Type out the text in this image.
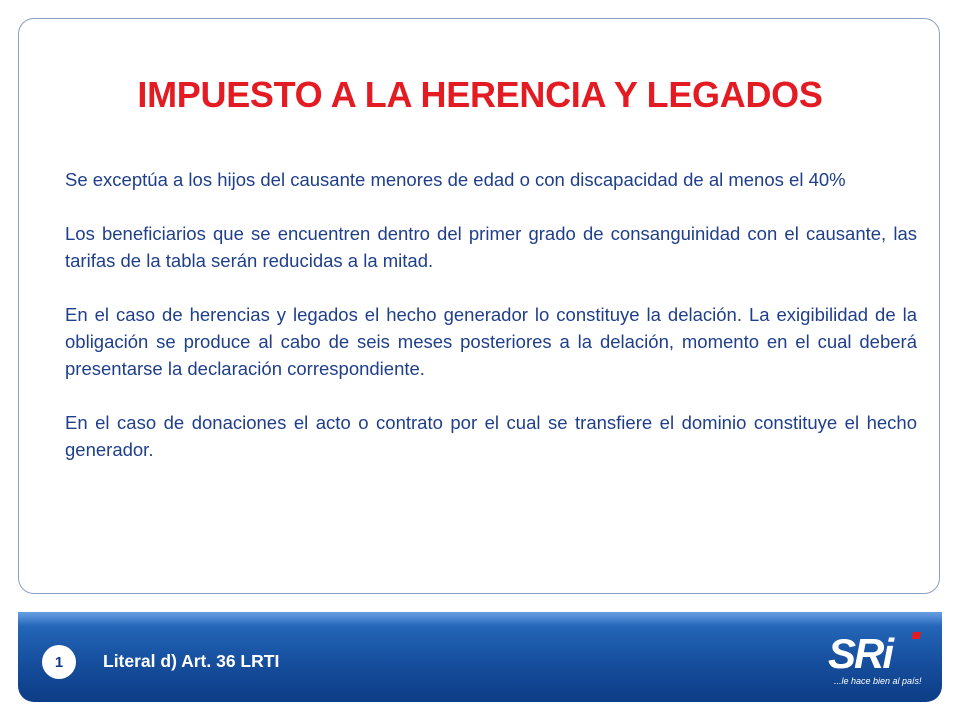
IMPUESTO A LA HERENCIA Y LEGADOS

Se exceptúa a los hijos del causante menores de edad o con discapacidad de al menos el 40%

Los beneficiarios que se encuentren dentro del primer grado de consanguinidad con el causante, las tarifas de la tabla serán reducidas a la mitad.

En el caso de herencias y legados el hecho generador lo constituye la delación. La exigibilidad de la obligación se produce al cabo de seis meses posteriores a la delación, momento en el cual deberá presentarse la declaración correspondiente.

En el caso de donaciones el acto o contrato por el cual se transfiere el dominio constituye el hecho generador.

1	Literal d) Art. 36 LRTI	SRi
...le hace bien al país!
